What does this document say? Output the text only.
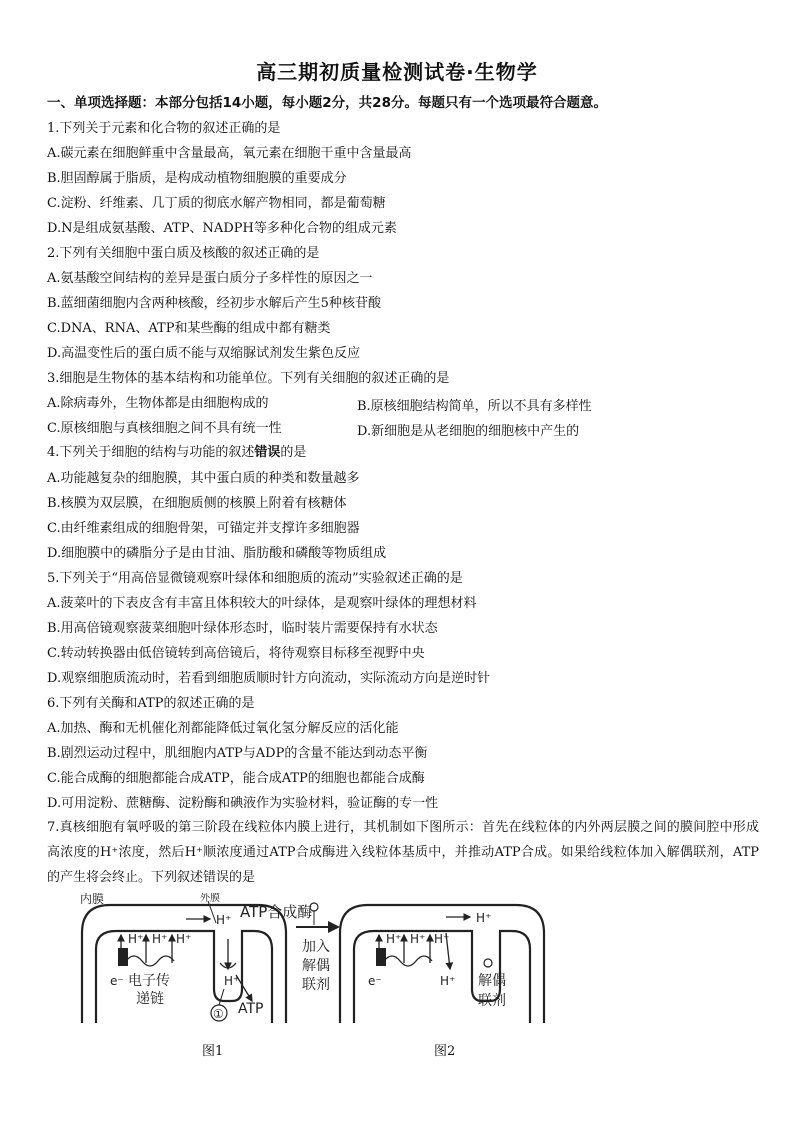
高三期初质量检测试卷·生物学
一、单项选择题：本部分包括14小题，每小题2分，共28分。每题只有一个选项最符合题意。
1.下列关于元素和化合物的叙述正确的是
A.碳元素在细胞鲜重中含量最高，氧元素在细胞干重中含量最高
B.胆固醇属于脂质，是构成动植物细胞膜的重要成分
C.淀粉、纤维素、几丁质的彻底水解产物相同，都是葡萄糖
D.N是组成氨基酸、ATP、NADPH等多种化合物的组成元素
2.下列有关细胞中蛋白质及核酸的叙述正确的是
A.氨基酸空间结构的差异是蛋白质分子多样性的原因之一
B.蓝细菌细胞内含两种核酸，经初步水解后产生5种核苷酸
C.DNA、RNA、ATP和某些酶的组成中都有糖类
D.高温变性后的蛋白质不能与双缩脲试剂发生紫色反应
3.细胞是生物体的基本结构和功能单位。下列有关细胞的叙述正确的是
A.除病毒外，生物体都是由细胞构成的	B.原核细胞结构简单，所以不具有多样性
C.原核细胞与真核细胞之间不具有统一性	D.新细胞是从老细胞的细胞核中产生的
4.下列关于细胞的结构与功能的叙述错误的是
A.功能越复杂的细胞膜，其中蛋白质的种类和数量越多
B.核膜为双层膜，在细胞质侧的核膜上附着有核糖体
C.由纤维素组成的细胞骨架，可锚定并支撑许多细胞器
D.细胞膜中的磷脂分子是由甘油、脂肪酸和磷酸等物质组成
5.下列关于“用高倍显微镜观察叶绿体和细胞质的流动”实验叙述正确的是
A.菠菜叶的下表皮含有丰富且体积较大的叶绿体，是观察叶绿体的理想材料
B.用高倍镜观察菠菜细胞叶绿体形态时，临时装片需要保持有水状态
C.转动转换器由低倍镜转到高倍镜后，将待观察目标移至视野中央
D.观察细胞质流动时，若看到细胞质顺时针方向流动，实际流动方向是逆时针
6.下列有关酶和ATP的叙述正确的是
A.加热、酶和无机催化剂都能降低过氧化氢分解反应的活化能
B.剧烈运动过程中，肌细胞内ATP与ADP的含量不能达到动态平衡
C.能合成酶的细胞都能合成ATP，能合成ATP的细胞也都能合成酶
D.可用淀粉、蔗糖酶、淀粉酶和碘液作为实验材料，验证酶的专一性
7.真核细胞有氧呼吸的第三阶段在线粒体内膜上进行，其机制如下图所示：首先在线粒体的内外两层膜之间的膜间腔中形成高浓度的H⁺浓度，然后H⁺顺浓度通过ATP合成酶进入线粒体基质中，并推动ATP合成。如果给线粒体加入解偶联剂，ATP的产生将会终止。下列叙述错误的是
内膜	外膜
ATP合成酶
H⁺ H⁺ H⁺
H⁺
H⁺
e⁻ 电子传
递链
ATP
①
加入
解偶
联剂
H⁺ H⁺ H⁺
H⁺
H⁺
e⁻	解偶
联剂
图1	图2
